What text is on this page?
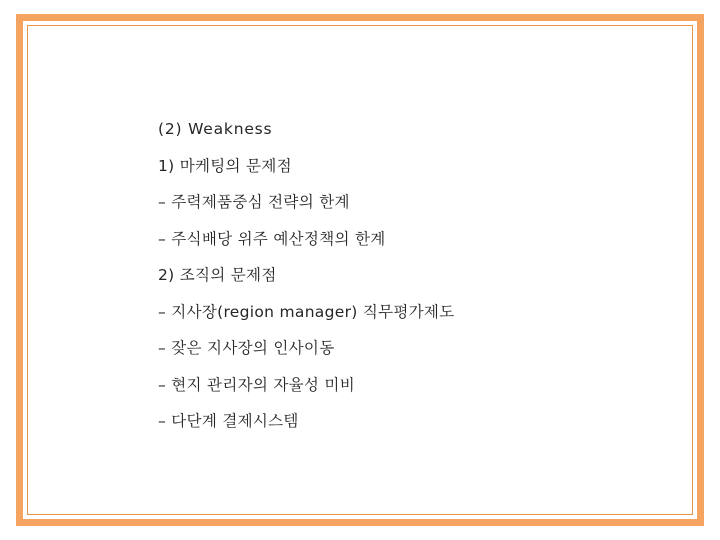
(2) Weakness
1) 마케팅의 문제점
– 주력제품중심 전략의 한계
– 주식배당 위주 예산정책의 한계
2) 조직의 문제점
– 지사장(region manager) 직무평가제도
– 잦은 지사장의 인사이동
– 현지 관리자의 자율성 미비
– 다단계 결제시스템
